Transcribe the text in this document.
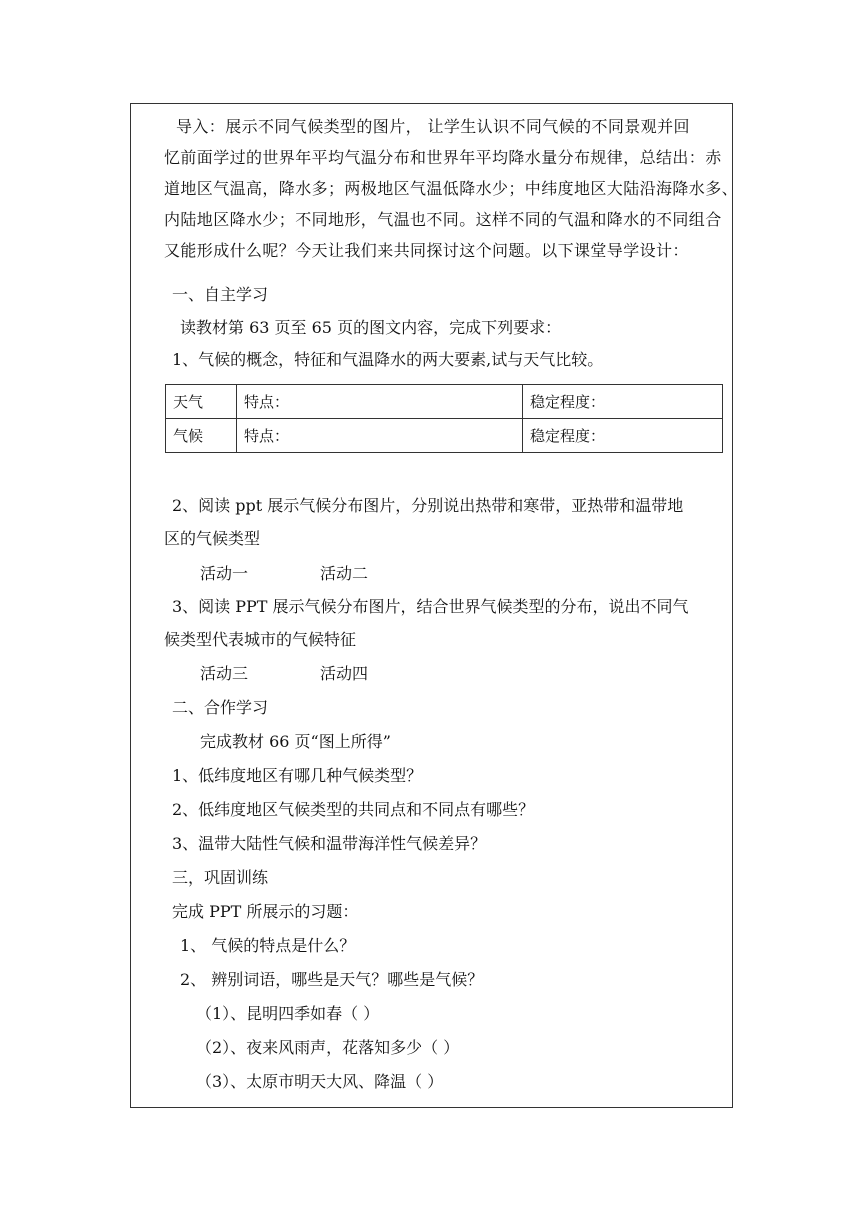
导入：展示不同气候类型的图片， 让学生认识不同气候的不同景观并回
忆前面学过的世界年平均气温分布和世界年平均降水量分布规律，总结出：赤
道地区气温高，降水多；两极地区气温低降水少；中纬度地区大陆沿海降水多、
内陆地区降水少；不同地形，气温也不同。这样不同的气温和降水的不同组合
又能形成什么呢？今天让我们来共同探讨这个问题。以下课堂导学设计：
一、自主学习
读教材第 63 页至 65 页的图文内容，完成下列要求：
1、气候的概念，特征和气温降水的两大要素,试与天气比较。
天气	特点：	稳定程度：
气候	特点：	稳定程度：
2、阅读 ppt 展示气候分布图片，分别说出热带和寒带，亚热带和温带地
区的气候类型
活动一	活动二
3、阅读 PPT 展示气候分布图片，结合世界气候类型的分布，说出不同气
候类型代表城市的气候特征
活动三	活动四
二、合作学习
完成教材 66 页“图上所得”
1、低纬度地区有哪几种气候类型？
2、低纬度地区气候类型的共同点和不同点有哪些？
3、温带大陆性气候和温带海洋性气候差异？
三，巩固训练
完成 PPT 所展示的习题：
1、 气候的特点是什么？
2、 辨别词语，哪些是天气？哪些是气候？
（1）、昆明四季如春（ ）
（2）、夜来风雨声，花落知多少（ ）
（3）、太原市明天大风、降温（ ）
